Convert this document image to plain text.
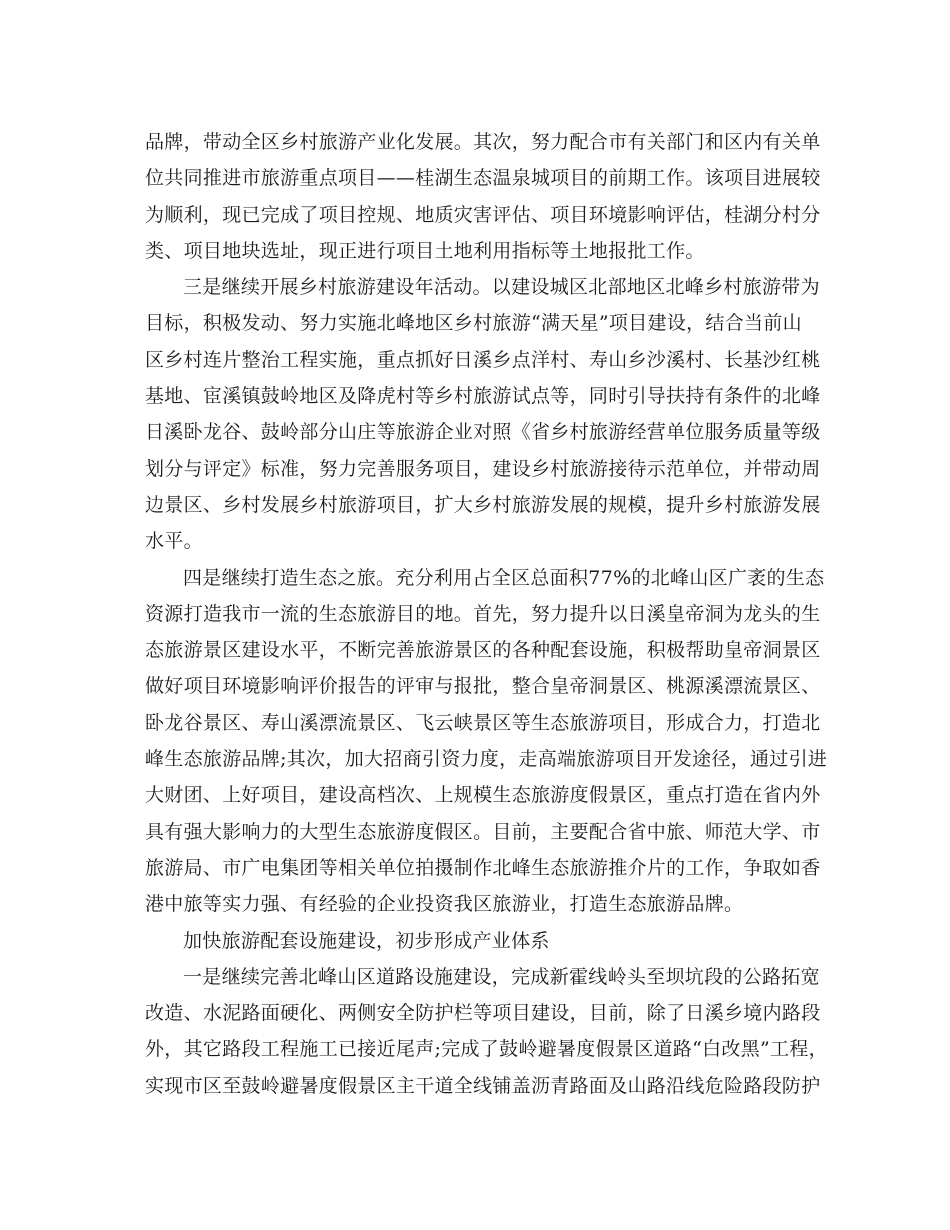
品牌，带动全区乡村旅游产业化发展。其次，努力配合市有关部门和区内有关单
位共同推进市旅游重点项目——桂湖生态温泉城项目的前期工作。该项目进展较
为顺利，现已完成了项目控规、地质灾害评估、项目环境影响评估，桂湖分村分
类、项目地块选址，现正进行项目土地利用指标等土地报批工作。
三是继续开展乡村旅游建设年活动。以建设城区北部地区北峰乡村旅游带为
目标，积极发动、努力实施北峰地区乡村旅游“满天星”项目建设，结合当前山
区乡村连片整治工程实施，重点抓好日溪乡点洋村、寿山乡沙溪村、长基沙红桃
基地、宦溪镇鼓岭地区及降虎村等乡村旅游试点等，同时引导扶持有条件的北峰
日溪卧龙谷、鼓岭部分山庄等旅游企业对照《省乡村旅游经营单位服务质量等级
划分与评定》标准，努力完善服务项目，建设乡村旅游接待示范单位，并带动周
边景区、乡村发展乡村旅游项目，扩大乡村旅游发展的规模，提升乡村旅游发展
水平。
四是继续打造生态之旅。充分利用占全区总面积77%的北峰山区广袤的生态
资源打造我市一流的生态旅游目的地。首先，努力提升以日溪皇帝洞为龙头的生
态旅游景区建设水平，不断完善旅游景区的各种配套设施，积极帮助皇帝洞景区
做好项目环境影响评价报告的评审与报批，整合皇帝洞景区、桃源溪漂流景区、
卧龙谷景区、寿山溪漂流景区、飞云峡景区等生态旅游项目，形成合力，打造北
峰生态旅游品牌;其次，加大招商引资力度，走高端旅游项目开发途径，通过引进
大财团、上好项目，建设高档次、上规模生态旅游度假景区，重点打造在省内外
具有强大影响力的大型生态旅游度假区。目前，主要配合省中旅、师范大学、市
旅游局、市广电集团等相关单位拍摄制作北峰生态旅游推介片的工作，争取如香
港中旅等实力强、有经验的企业投资我区旅游业，打造生态旅游品牌。
加快旅游配套设施建设，初步形成产业体系
一是继续完善北峰山区道路设施建设，完成新霍线岭头至坝坑段的公路拓宽
改造、水泥路面硬化、两侧安全防护栏等项目建设，目前，除了日溪乡境内路段
外，其它路段工程施工已接近尾声;完成了鼓岭避暑度假景区道路“白改黑”工程，
实现市区至鼓岭避暑度假景区主干道全线铺盖沥青路面及山路沿线危险路段防护
